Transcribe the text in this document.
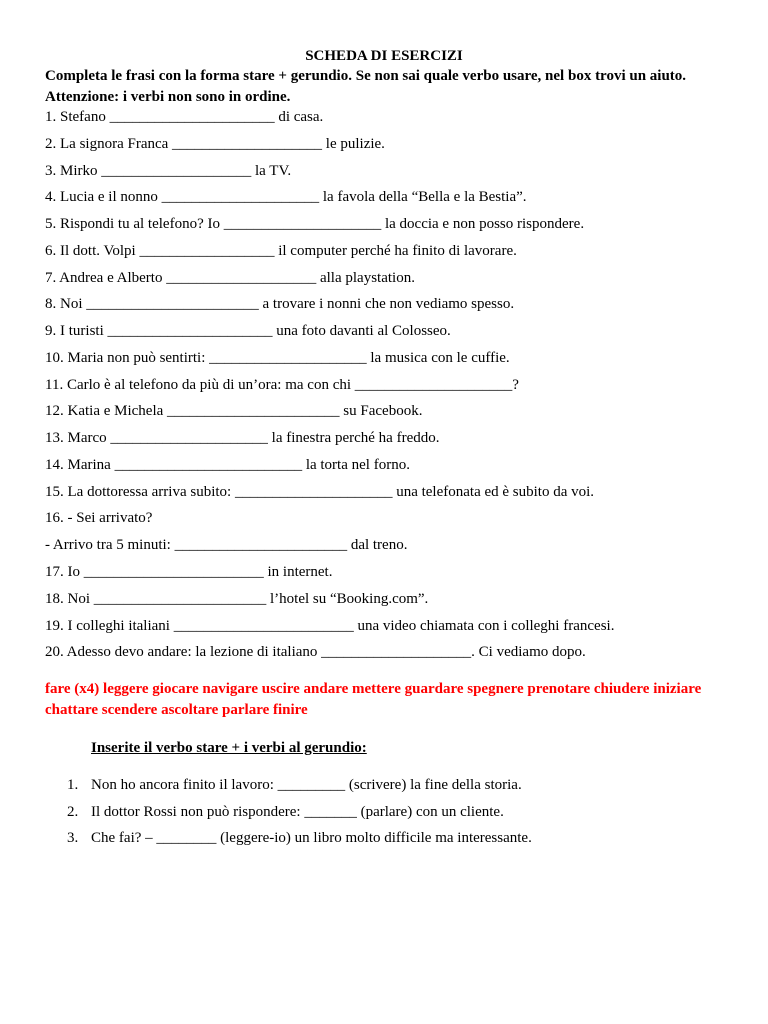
SCHEDA DI ESERCIZI
Completa le frasi con la forma stare + gerundio. Se non sai quale verbo usare, nel box trovi un aiuto.
Attenzione: i verbi non sono in ordine.
1. Stefano ______________________ di casa.
2. La signora Franca ____________________ le pulizie.
3. Mirko ____________________ la TV.
4. Lucia e il nonno _____________________ la favola della “Bella e la Bestia”.
5. Rispondi tu al telefono? Io _____________________ la doccia e non posso rispondere.
6. Il dott. Volpi __________________ il computer perché ha finito di lavorare.
7. Andrea e Alberto ____________________ alla playstation.
8. Noi _______________________ a trovare i nonni che non vediamo spesso.
9. I turisti ______________________ una foto davanti al Colosseo.
10. Maria non può sentirti: _____________________ la musica con le cuffie.
11. Carlo è al telefono da più di un’ora: ma con chi _____________________?
12. Katia e Michela _______________________ su Facebook.
13. Marco _____________________ la finestra perché ha freddo.
14. Marina _________________________ la torta nel forno.
15. La dottoressa arriva subito: _____________________ una telefonata ed è subito da voi.
16. - Sei arrivato?
- Arrivo tra 5 minuti: _______________________ dal treno.
17. Io ________________________ in internet.
18. Noi _______________________ l’hotel su “Booking.com”.
19. I colleghi italiani ________________________ una video chiamata con i colleghi francesi.
20. Adesso devo andare: la lezione di italiano ____________________. Ci vediamo dopo.
fare (x4) leggere giocare navigare uscire andare mettere guardare spegnere prenotare chiudere iniziare chattare scendere ascoltare parlare finire
Inserite il verbo stare + i verbi al gerundio:
1. Non ho ancora finito il lavoro: _________ (scrivere) la fine della storia.
2. Il dottor Rossi non può rispondere: _______ (parlare) con un cliente.
3. Che fai? – ________ (leggere-io) un libro molto difficile ma interessante.
